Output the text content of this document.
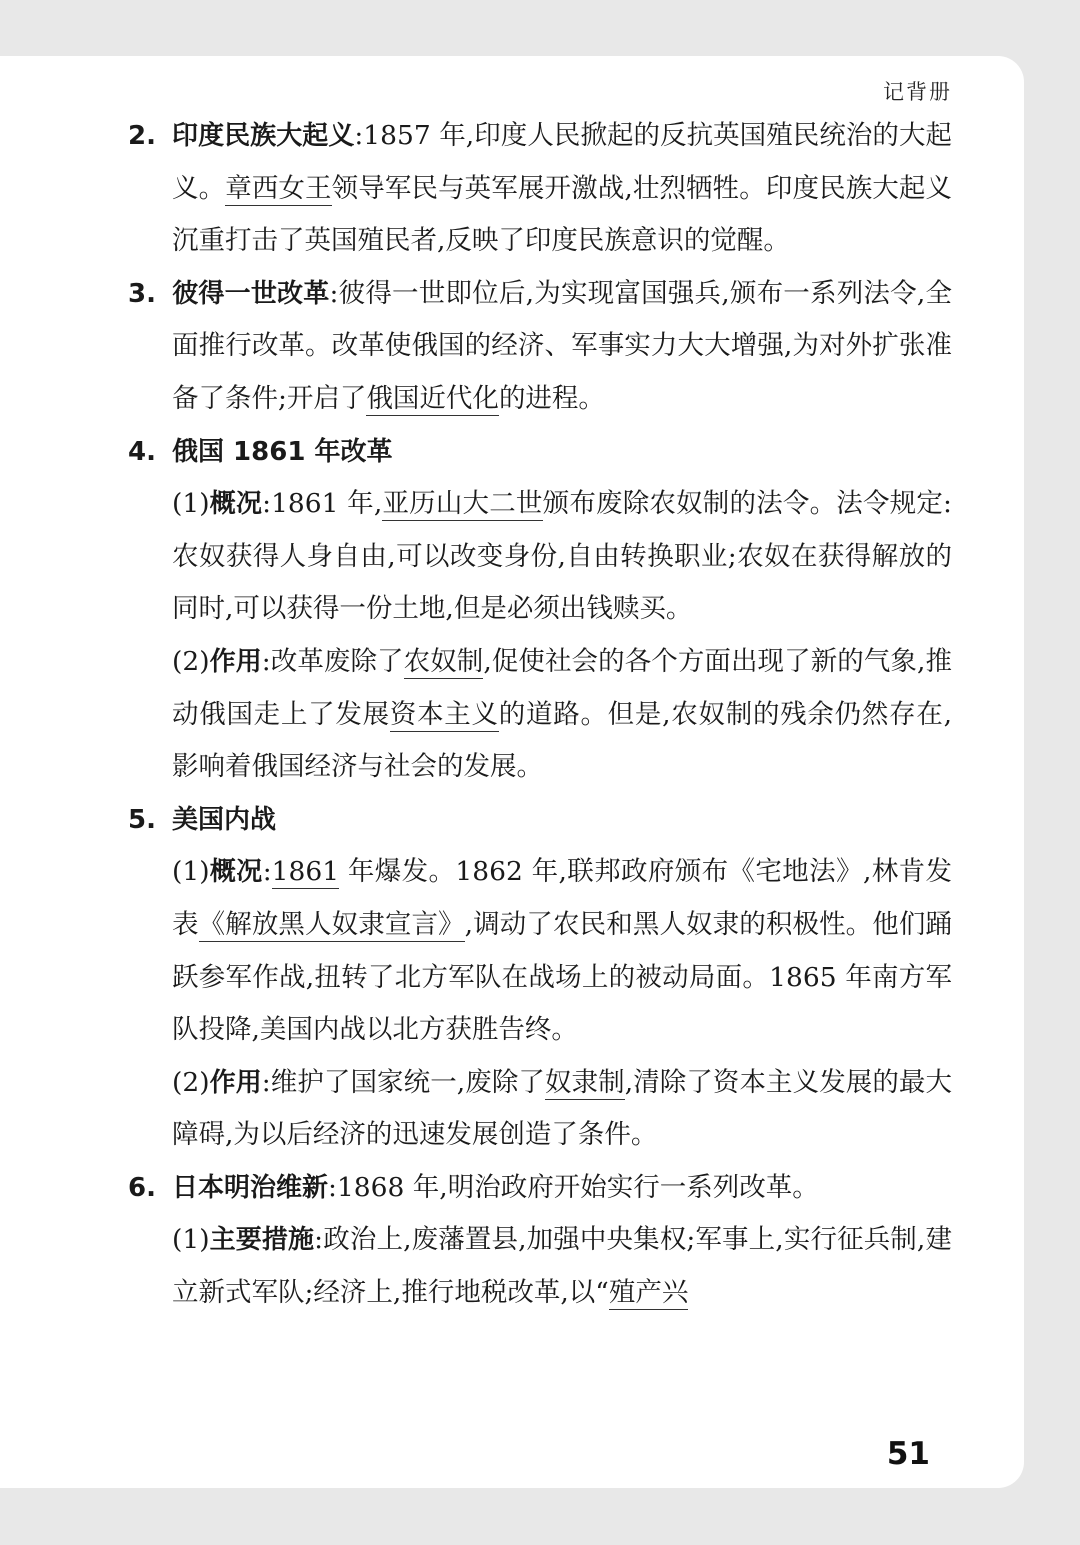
记背册

2. 印度民族大起义:1857 年,印度人民掀起的反抗英国殖民统治的大起义。章西女王领导军民与英军展开激战,壮烈牺牲。印度民族大起义沉重打击了英国殖民者,反映了印度民族意识的觉醒。

3. 彼得一世改革:彼得一世即位后,为实现富国强兵,颁布一系列法令,全面推行改革。改革使俄国的经济、军事实力大大增强,为对外扩张准备了条件;开启了俄国近代化的进程。

4. 俄国 1861 年改革

(1)概况:1861 年,亚历山大二世颁布废除农奴制的法令。法令规定:农奴获得人身自由,可以改变身份,自由转换职业;农奴在获得解放的同时,可以获得一份土地,但是必须出钱赎买。

(2)作用:改革废除了农奴制,促使社会的各个方面出现了新的气象,推动俄国走上了发展资本主义的道路。但是,农奴制的残余仍然存在,影响着俄国经济与社会的发展。

5. 美国内战

(1)概况:1861 年爆发。1862 年,联邦政府颁布《宅地法》,林肯发表《解放黑人奴隶宣言》,调动了农民和黑人奴隶的积极性。他们踊跃参军作战,扭转了北方军队在战场上的被动局面。1865 年南方军队投降,美国内战以北方获胜告终。

(2)作用:维护了国家统一,废除了奴隶制,清除了资本主义发展的最大障碍,为以后经济的迅速发展创造了条件。

6. 日本明治维新:1868 年,明治政府开始实行一系列改革。

(1)主要措施:政治上,废藩置县,加强中央集权;军事上,实行征兵制,建立新式军队;经济上,推行地税改革,以“殖产兴

51
